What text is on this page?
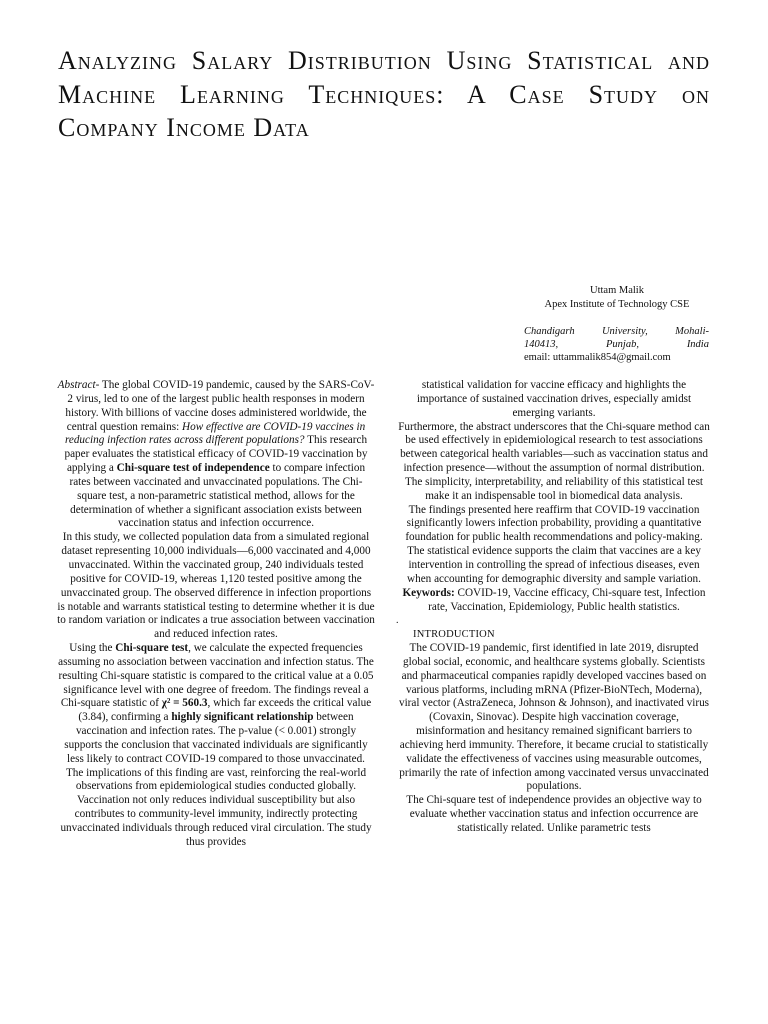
Analyzing Salary Distribution Using Statistical and Machine Learning Techniques: A Case Study on Company Income Data
Uttam Malik
Apex Institute of Technology CSE
Chandigarh	University,	Mohali-
140413,	Punjab,	India
email: uttammalik854@gmail.com

Abstract- The global COVID-19 pandemic, caused by the SARS-CoV-2 virus, led to one of the largest public health responses in modern history. With billions of vaccine doses administered worldwide, the central question remains: How effective are COVID-19 vaccines in reducing infection rates across different populations? This research paper evaluates the statistical efficacy of COVID-19 vaccination by applying a Chi-square test of independence to compare infection rates between vaccinated and unvaccinated populations. The Chi-square test, a non-parametric statistical method, allows for the determination of whether a significant association exists between vaccination status and infection occurrence.

In this study, we collected population data from a simulated regional dataset representing 10,000 individuals—6,000 vaccinated and 4,000 unvaccinated. Within the vaccinated group, 240 individuals tested positive for COVID-19, whereas 1,120 tested positive among the unvaccinated group. The observed difference in infection proportions is notable and warrants statistical testing to determine whether it is due to random variation or indicates a true association between vaccination and reduced infection rates.

Using the Chi-square test, we calculate the expected frequencies assuming no association between vaccination and infection status. The resulting Chi-square statistic is compared to the critical value at a 0.05 significance level with one degree of freedom. The findings reveal a Chi-square statistic of χ² = 560.3, which far exceeds the critical value (3.84), confirming a highly significant relationship between vaccination and infection rates. The p-value (< 0.001) strongly supports the conclusion that vaccinated individuals are significantly less likely to contract COVID-19 compared to those unvaccinated.

The implications of this finding are vast, reinforcing the real-world observations from epidemiological studies conducted globally. Vaccination not only reduces individual susceptibility but also contributes to community-level immunity, indirectly protecting unvaccinated individuals through reduced viral circulation. The study thus provides

statistical validation for vaccine efficacy and highlights the importance of sustained vaccination drives, especially amidst emerging variants.

Furthermore, the abstract underscores that the Chi-square method can be used effectively in epidemiological research to test associations between categorical health variables—such as vaccination status and infection presence—without the assumption of normal distribution. The simplicity, interpretability, and reliability of this statistical test make it an indispensable tool in biomedical data analysis.

The findings presented here reaffirm that COVID-19 vaccination significantly lowers infection probability, providing a quantitative foundation for public health recommendations and policy-making. The statistical evidence supports the claim that vaccines are a key intervention in controlling the spread of infectious diseases, even when accounting for demographic diversity and sample variation.

Keywords: COVID-19, Vaccine efficacy, Chi-square test, Infection rate, Vaccination, Epidemiology, Public health statistics.

.

INTRODUCTION

The COVID-19 pandemic, first identified in late 2019, disrupted global social, economic, and healthcare systems globally. Scientists and pharmaceutical companies rapidly developed vaccines based on various platforms, including mRNA (Pfizer-BioNTech, Moderna), viral vector (AstraZeneca, Johnson & Johnson), and inactivated virus (Covaxin, Sinovac). Despite high vaccination coverage, misinformation and hesitancy remained significant barriers to achieving herd immunity. Therefore, it became crucial to statistically validate the effectiveness of vaccines using measurable outcomes, primarily the rate of infection among vaccinated versus unvaccinated populations.

The Chi-square test of independence provides an objective way to evaluate whether vaccination status and infection occurrence are statistically related. Unlike parametric tests
